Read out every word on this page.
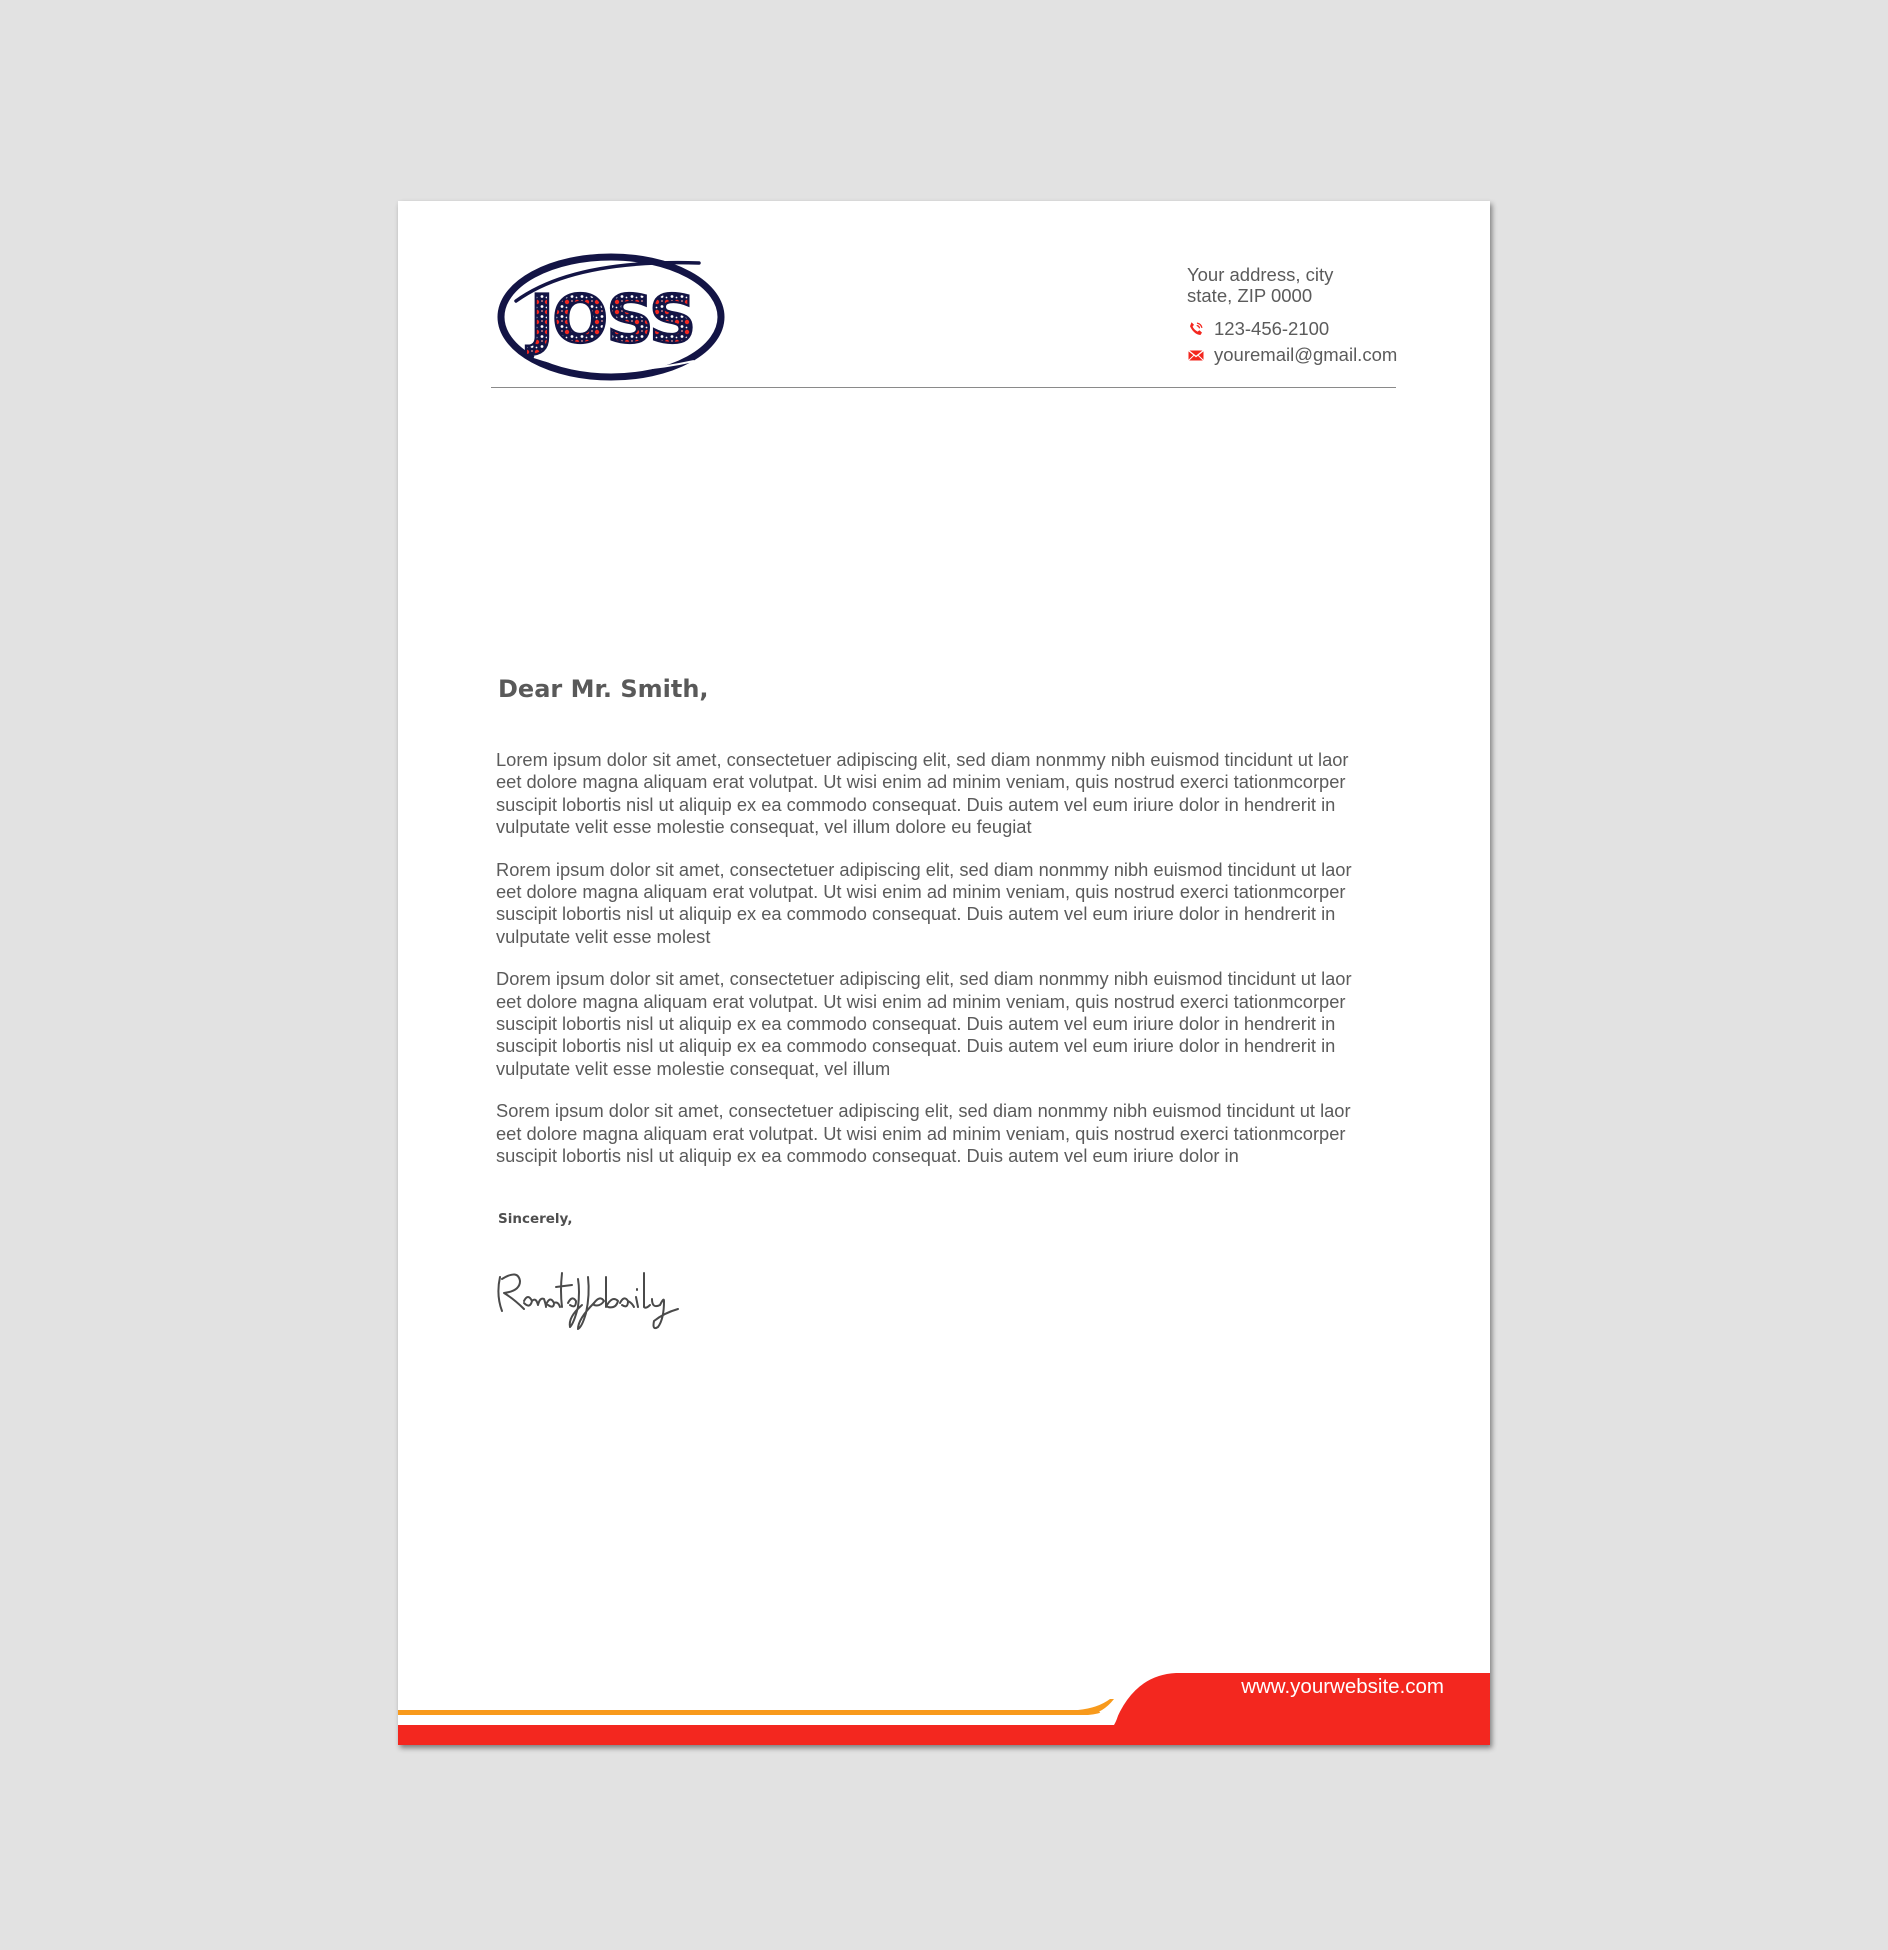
JOSS
Your address, city
state, ZIP 0000
123-456-2100
youremail@gmail.com
Dear Mr. Smith,

Lorem ipsum dolor sit amet, consectetuer adipiscing elit, sed diam nonmmy nibh euismod tincidunt ut laor
eet dolore magna aliquam erat volutpat. Ut wisi enim ad minim veniam, quis nostrud exerci tationmcorper
suscipit lobortis nisl ut aliquip ex ea commodo consequat. Duis autem vel eum iriure dolor in hendrerit in
vulputate velit esse molestie consequat, vel illum dolore eu feugiat

Rorem ipsum dolor sit amet, consectetuer adipiscing elit, sed diam nonmmy nibh euismod tincidunt ut laor
eet dolore magna aliquam erat volutpat. Ut wisi enim ad minim veniam, quis nostrud exerci tationmcorper
suscipit lobortis nisl ut aliquip ex ea commodo consequat. Duis autem vel eum iriure dolor in hendrerit in
vulputate velit esse molest

Dorem ipsum dolor sit amet, consectetuer adipiscing elit, sed diam nonmmy nibh euismod tincidunt ut laor
eet dolore magna aliquam erat volutpat. Ut wisi enim ad minim veniam, quis nostrud exerci tationmcorper
suscipit lobortis nisl ut aliquip ex ea commodo consequat. Duis autem vel eum iriure dolor in hendrerit in
suscipit lobortis nisl ut aliquip ex ea commodo consequat. Duis autem vel eum iriure dolor in hendrerit in
vulputate velit esse molestie consequat, vel illum

Sorem ipsum dolor sit amet, consectetuer adipiscing elit, sed diam nonmmy nibh euismod tincidunt ut laor
eet dolore magna aliquam erat volutpat. Ut wisi enim ad minim veniam, quis nostrud exerci tationmcorper
suscipit lobortis nisl ut aliquip ex ea commodo consequat. Duis autem vel eum iriure dolor in

Sincerely,
www.yourwebsite.com
